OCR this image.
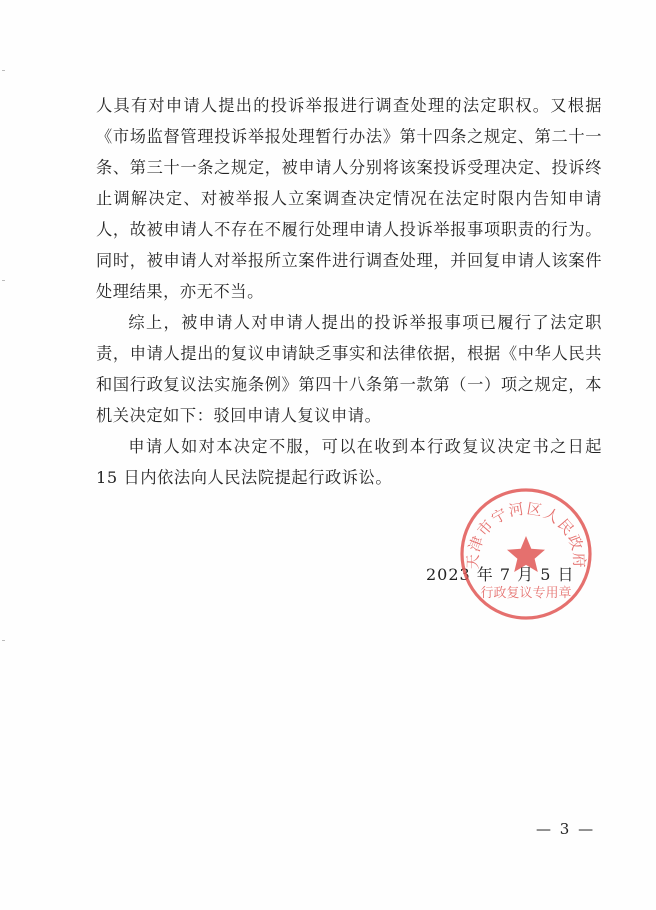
人具有对申请人提出的投诉举报进行调查处理的法定职权。又根据《市场监督管理投诉举报处理暂行办法》第十四条之规定、第二十一条、第三十一条之规定，被申请人分别将该案投诉受理决定、投诉终止调解决定、对被举报人立案调查决定情况在法定时限内告知申请人，故被申请人不存在不履行处理申请人投诉举报事项职责的行为。同时，被申请人对举报所立案件进行调查处理，并回复申请人该案件处理结果，亦无不当。

综上，被申请人对申请人提出的投诉举报事项已履行了法定职责，申请人提出的复议申请缺乏事实和法律依据，根据《中华人民共和国行政复议法实施条例》第四十八条第一款第（一）项之规定，本机关决定如下：驳回申请人复议申请。

申请人如对本决定不服，可以在收到本行政复议决定书之日起 15 日内依法向人民法院提起行政诉讼。

2023 年 7 月 5 日
天津市宁河区人民政府
行政复议专用章
— 3 —
